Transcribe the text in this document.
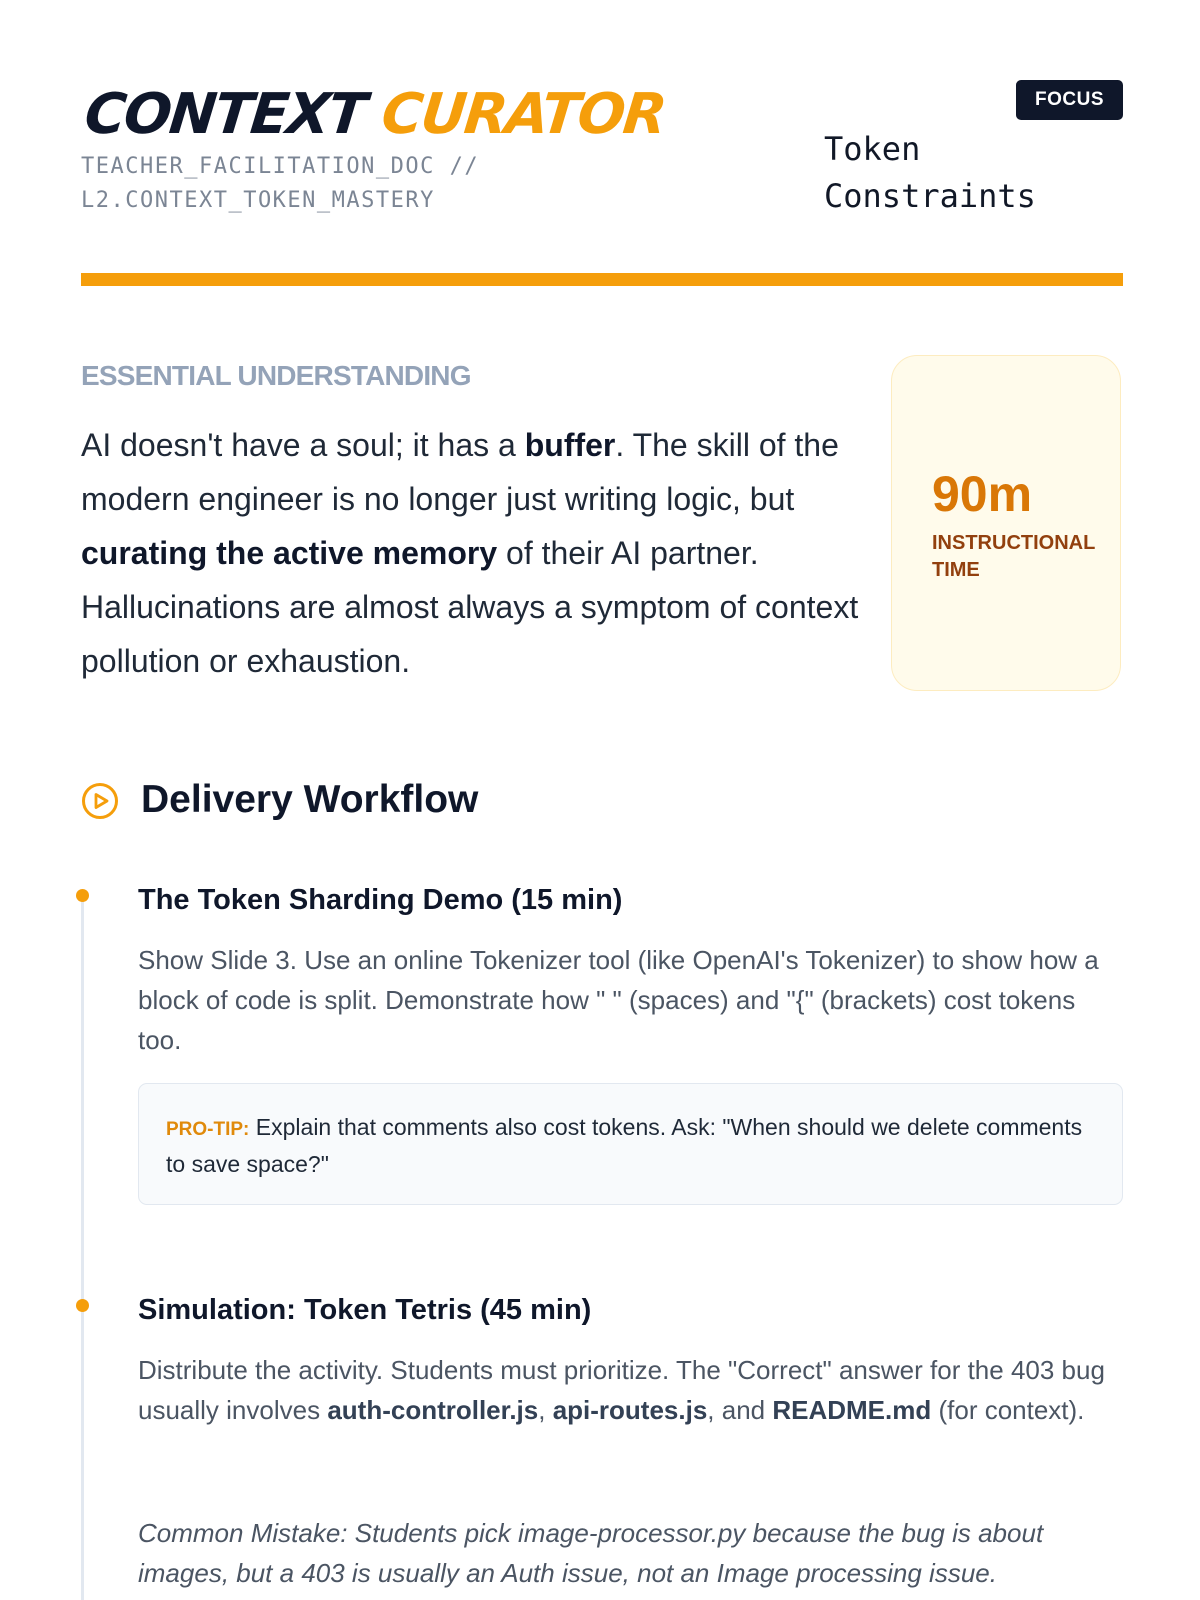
CONTEXT CURATOR
TEACHER_FACILITATION_DOC //
L2.CONTEXT_TOKEN_MASTERY
FOCUS
Token Constraints
ESSENTIAL UNDERSTANDING
AI doesn't have a soul; it has a buffer. The skill of the modern engineer is no longer just writing logic, but curating the active memory of their AI partner. Hallucinations are almost always a symptom of context pollution or exhaustion.
90m
INSTRUCTIONAL TIME
Delivery Workflow
The Token Sharding Demo (15 min)
Show Slide 3. Use an online Tokenizer tool (like OpenAI's Tokenizer) to show how a block of code is split. Demonstrate how " " (spaces) and "{" (brackets) cost tokens too.
PRO-TIP: Explain that comments also cost tokens. Ask: "When should we delete comments to save space?"
Simulation: Token Tetris (45 min)
Distribute the activity. Students must prioritize. The "Correct" answer for the 403 bug usually involves auth-controller.js, api-routes.js, and README.md (for context).
Common Mistake: Students pick image-processor.py because the bug is about images, but a 403 is usually an Auth issue, not an Image processing issue.
